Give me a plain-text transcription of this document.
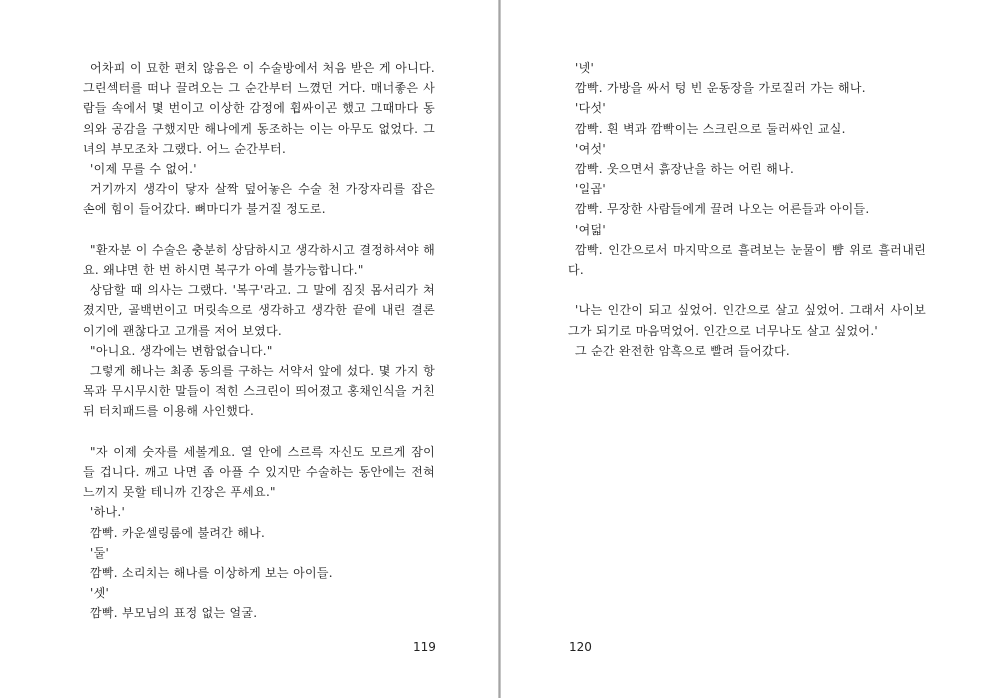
어차피 이 묘한 편치 않음은 이 수술방에서 처음 받은 게 아니다. 그린섹터를 떠나 끌려오는 그 순간부터 느꼈던 거다. 매너좋은 사람들 속에서 몇 번이고 이상한 감정에 휩싸이곤 했고 그때마다 동의와 공감을 구했지만 해나에게 동조하는 이는 아무도 없었다. 그녀의 부모조차 그랬다. 어느 순간부터.

'이제 무를 수 없어.'

거기까지 생각이 닿자 살짝 덮어놓은 수술 천 가장자리를 잡은 손에 힘이 들어갔다. 뼈마디가 불거질 정도로.

"환자분 이 수술은 충분히 상담하시고 생각하시고 결정하셔야 해요. 왜냐면 한 번 하시면 복구가 아예 불가능합니다."

상담할 때 의사는 그랬다. '복구'라고. 그 말에 짐짓 몸서리가 쳐졌지만, 골백번이고 머릿속으로 생각하고 생각한 끝에 내린 결론이기에 괜찮다고 고개를 저어 보였다.

"아니요. 생각에는 변함없습니다."

그렇게 해나는 최종 동의를 구하는 서약서 앞에 섰다. 몇 가지 항목과 무시무시한 말들이 적힌 스크린이 띄어졌고 홍채인식을 거친 뒤 터치패드를 이용해 사인했다.

"자 이제 숫자를 세볼게요. 열 안에 스르륵 자신도 모르게 잠이 들 겁니다. 깨고 나면 좀 아플 수 있지만 수술하는 동안에는 전혀 느끼지 못할 테니까 긴장은 푸세요."

'하나.'

깜빡. 카운셀링룸에 불려간 해나.

'둘'

깜빡. 소리치는 해나를 이상하게 보는 아이들.

'셋'

깜빡. 부모님의 표정 없는 얼굴.

119

'넷'

깜빡. 가방을 싸서 텅 빈 운동장을 가로질러 가는 해나.

'다섯'

깜빡. 흰 벽과 깜빡이는 스크린으로 둘러싸인 교실.

'여섯'

깜빡. 웃으면서 흙장난을 하는 어린 해나.

'일곱'

깜빡. 무장한 사람들에게 끌려 나오는 어른들과 아이들.

'여덟'

깜빡. 인간으로서 마지막으로 흘려보는 눈물이 뺨 위로 흘러내린다.

'나는 인간이 되고 싶었어. 인간으로 살고 싶었어. 그래서 사이보그가 되기로 마음먹었어. 인간으로 너무나도 살고 싶었어.'

그 순간 완전한 암흑으로 빨려 들어갔다.

120
